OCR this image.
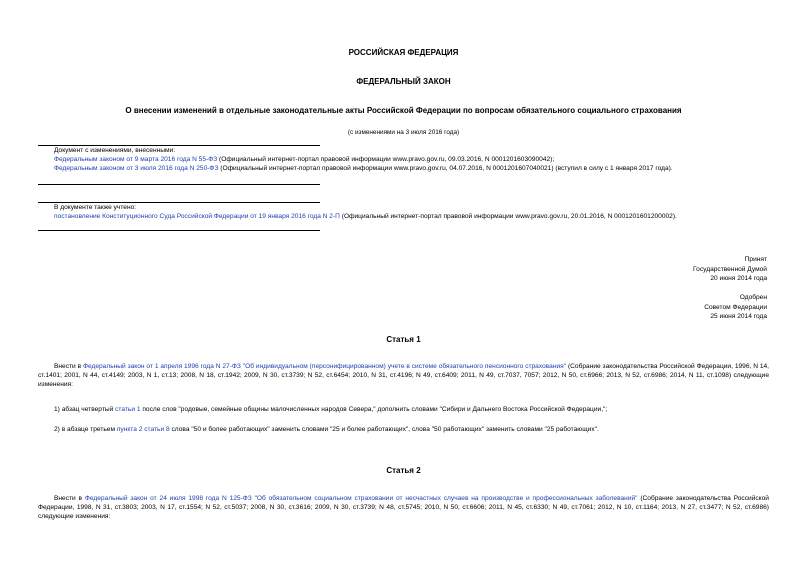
РОССИЙСКАЯ ФЕДЕРАЦИЯ
ФЕДЕРАЛЬНЫЙ ЗАКОН
О внесении изменений в отдельные законодательные акты Российской Федерации по вопросам обязательного социального страхования
(с изменениями на 3 июля 2016 года)
Документ с изменениями, внесенными:
Федеральным законом от 9 марта 2016 года N 55-ФЗ (Официальный интернет-портал правовой информации www.pravo.gov.ru, 09.03.2016, N 0001201603090042);
Федеральным законом от 3 июля 2016 года N 250-ФЗ (Официальный интернет-портал правовой информации www.pravo.gov.ru, 04.07.2016, N 0001201607040021) (вступил в силу с 1 января 2017 года).
В документе также учтено:
постановление Конституционного Суда Российской Федерации от 19 января 2016 года N 2-П (Официальный интернет-портал правовой информации www.pravo.gov.ru, 20.01.2016, N 0001201601200002).
Принят
Государственной Думой
20 июня 2014 года
Одобрен
Советом Федерации
25 июня 2014 года
Статья 1
Внести в Федеральный закон от 1 апреля 1996 года N 27-ФЗ "Об индивидуальном (персонифицированном) учете в системе обязательного пенсионного страхования" (Собрание законодательства Российской Федерации, 1996, N 14, ст.1401; 2001, N 44, ст.4149; 2003, N 1, ст.13; 2008, N 18, ст.1942; 2009, N 30, ст.3739; N 52, ст.6454; 2010, N 31, ст.4196; N 49, ст.6409; 2011, N 49, ст.7037, 7057; 2012, N 50, ст.6966; 2013, N 52, ст.6986; 2014, N 11, ст.1098) следующие изменения:
1) абзац четвертый статьи 1 после слов "родовые, семейные общины малочисленных народов Севера," дополнить словами "Сибири и Дальнего Востока Российской Федерации,";
2) в абзаце третьем пункта 2 статьи 8 слова "50 и более работающих" заменить словами "25 и более работающих", слова "50 работающих" заменить словами "25 работающих".
Статья 2
Внести в Федеральный закон от 24 июля 1998 года N 125-ФЗ "Об обязательном социальном страховании от несчастных случаев на производстве и профессиональных заболеваний" (Собрание законодательства Российской Федерации, 1998, N 31, ст.3803; 2003, N 17, ст.1554; N 52, ст.5037; 2008, N 30, ст.3616; 2009, N 30, ст.3739; N 48, ст.5745; 2010, N 50, ст.6606; 2011, N 45, ст.6330; N 49, ст.7061; 2012, N 10, ст.1164; 2013, N 27, ст.3477; N 52, ст.6986) следующие изменения:
